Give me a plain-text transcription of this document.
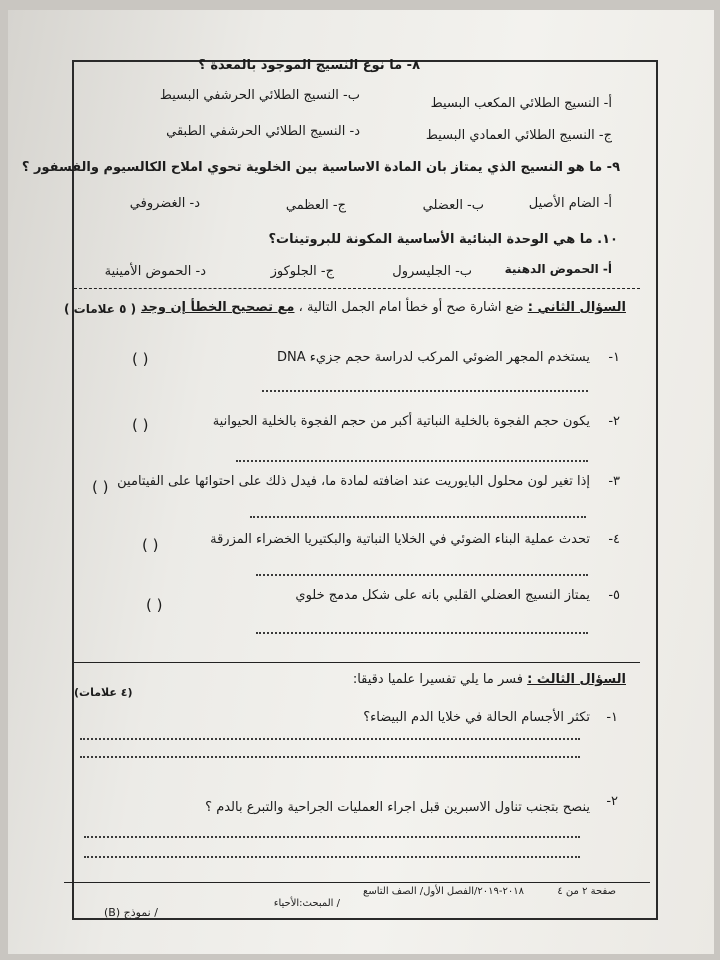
٨- ما نوع النسيج الموجود بالمعدة ؟
أ- النسيج الطلائي المكعب البسيط
ب- النسيج الطلائي الحرشفي البسيط
ج- النسيج الطلائي العمادي البسيط
د- النسيج الطلائي الحرشفي الطبقي
٩- ما هو النسيج الذي يمتاز بان المادة الاساسية بين الخلوية تحوي املاح الكالسيوم والفسفور ؟
أ- الضام الأصيل
ب- العضلي
ج- العظمي
د- الغضروفي
١٠. ما هي الوحدة البنائية الأساسية المكونة للبروتينات؟
أ- الحموض الدهنية
ب- الجليسرول
ج- الجلوكوز
د- الحموض الأمينية
السؤال الثاني : ضع اشارة صح أو خطأ امام الجمل التالية ، مع تصحيح الخطأ إن وجد
( ٥ علامات )
١-
يستخدم المجهر الضوئي المركب لدراسة حجم جزيء DNA
( )
٢-
يكون حجم الفجوة بالخلية النباتية أكبر من حجم الفجوة بالخلية الحيوانية
( )
٣-
إذا تغير لون محلول البايوريت عند اضافته لمادة ما، فيدل ذلك على احتوائها على الفيتامين
( )
٤-
تحدث عملية البناء الضوئي في الخلايا النباتية والبكتيريا الخضراء المزرقة
( )
٥-
يمتاز النسيج العضلي القلبي بانه على شكل مدمج خلوي
( )
السؤال الثالث : فسر ما يلي تفسيرا علميا دقيقا:
(٤ علامات)
١-
تكثر الأجسام الحالة في خلايا الدم البيضاء؟
٢-
ينصح بتجنب تناول الاسبرين قبل اجراء العمليات الجراحية والتبرع بالدم ؟
صفحة ٢ من ٤
٢٠١٨-٢٠١٩/الفصل الأول/ الصف التاسع
/ المبحث:الأحياء
/ نموذج (B)
